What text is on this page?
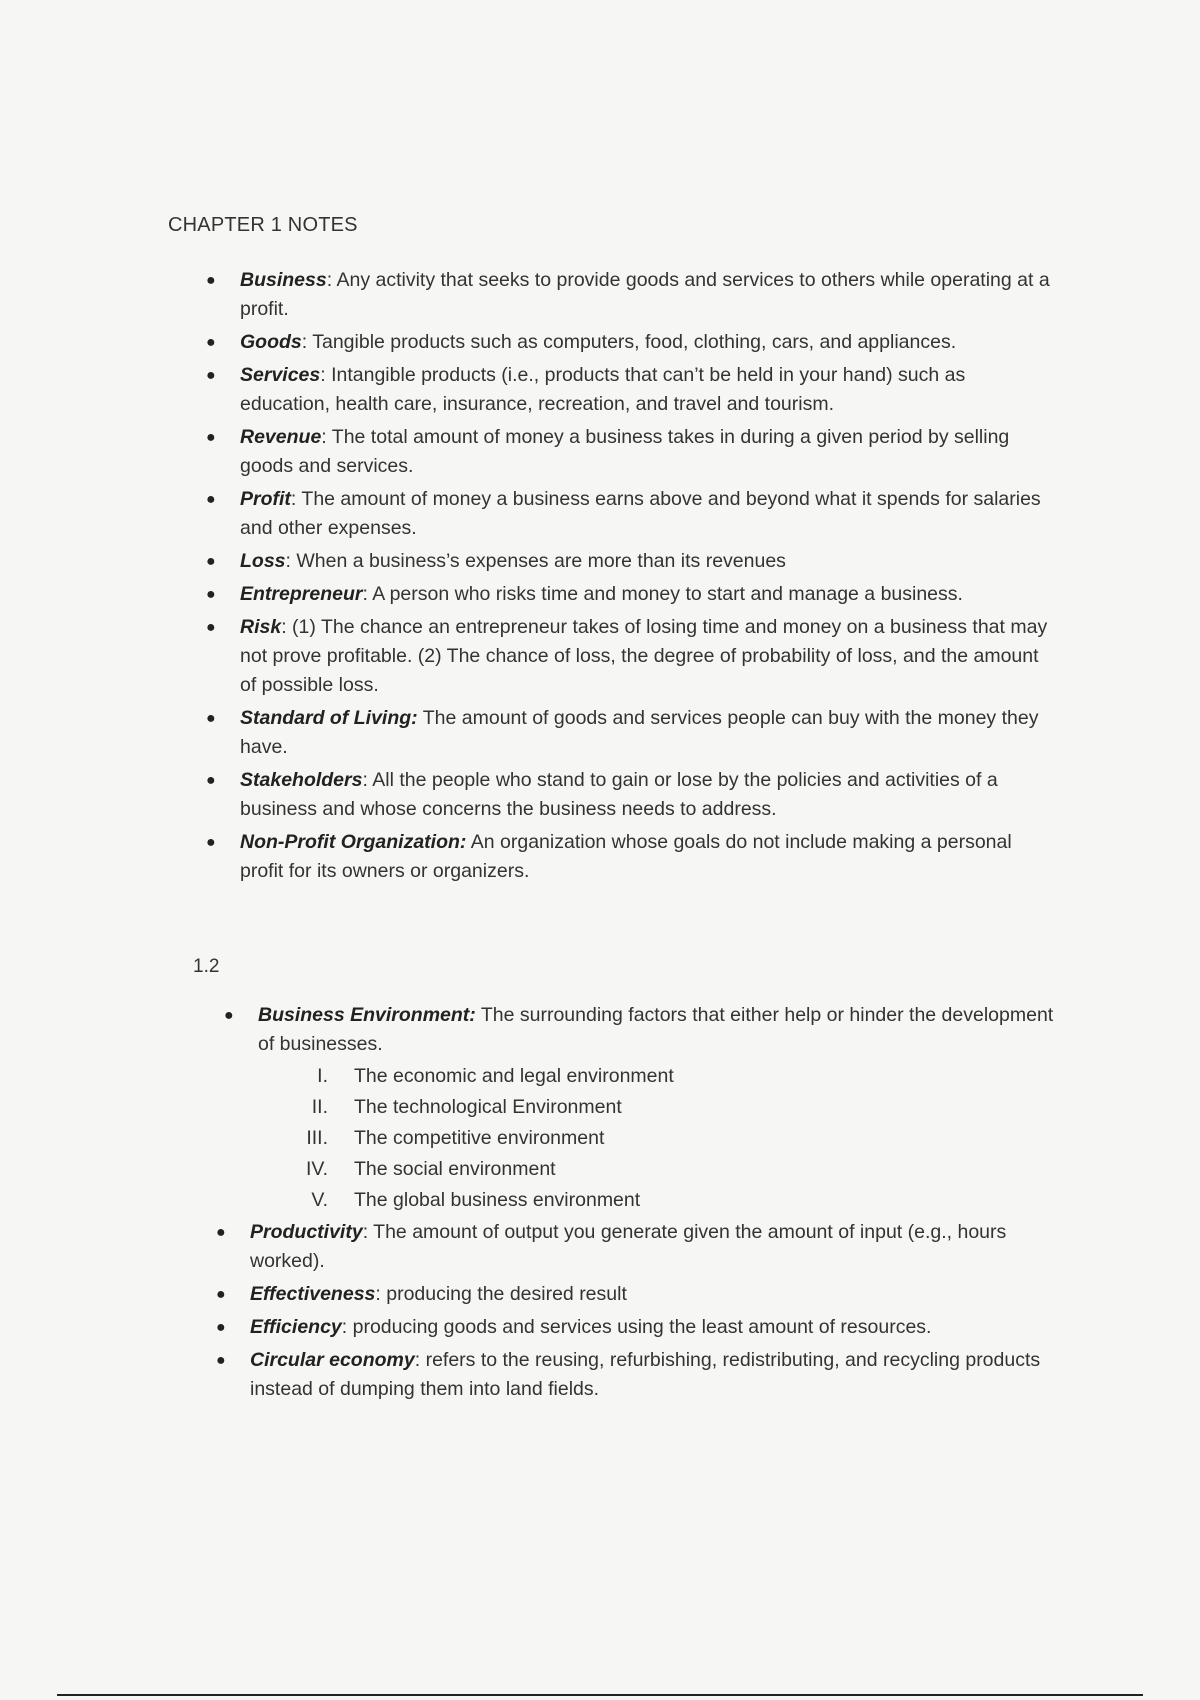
CHAPTER 1 NOTES
● Business: Any activity that seeks to provide goods and services to others while operating at a profit.
● Goods: Tangible products such as computers, food, clothing, cars, and appliances.
● Services: Intangible products (i.e., products that can’t be held in your hand) such as education, health care, insurance, recreation, and travel and tourism.
● Revenue: The total amount of money a business takes in during a given period by selling goods and services.
● Profit: The amount of money a business earns above and beyond what it spends for salaries and other expenses.
● Loss: When a business’s expenses are more than its revenues
● Entrepreneur: A person who risks time and money to start and manage a business.
● Risk: (1) The chance an entrepreneur takes of losing time and money on a business that may not prove profitable. (2) The chance of loss, the degree of probability of loss, and the amount of possible loss.
● Standard of Living: The amount of goods and services people can buy with the money they have.
● Stakeholders: All the people who stand to gain or lose by the policies and activities of a business and whose concerns the business needs to address.
● Non-Profit Organization: An organization whose goals do not include making a personal profit for its owners or organizers.
1.2
● Business Environment: The surrounding factors that either help or hinder the development of businesses.
I. The economic and legal environment
II. The technological Environment
III. The competitive environment
IV. The social environment
V. The global business environment
● Productivity: The amount of output you generate given the amount of input (e.g., hours worked).
● Effectiveness: producing the desired result
● Efficiency: producing goods and services using the least amount of resources.
● Circular economy: refers to the reusing, refurbishing, redistributing, and recycling products instead of dumping them into land fields.
